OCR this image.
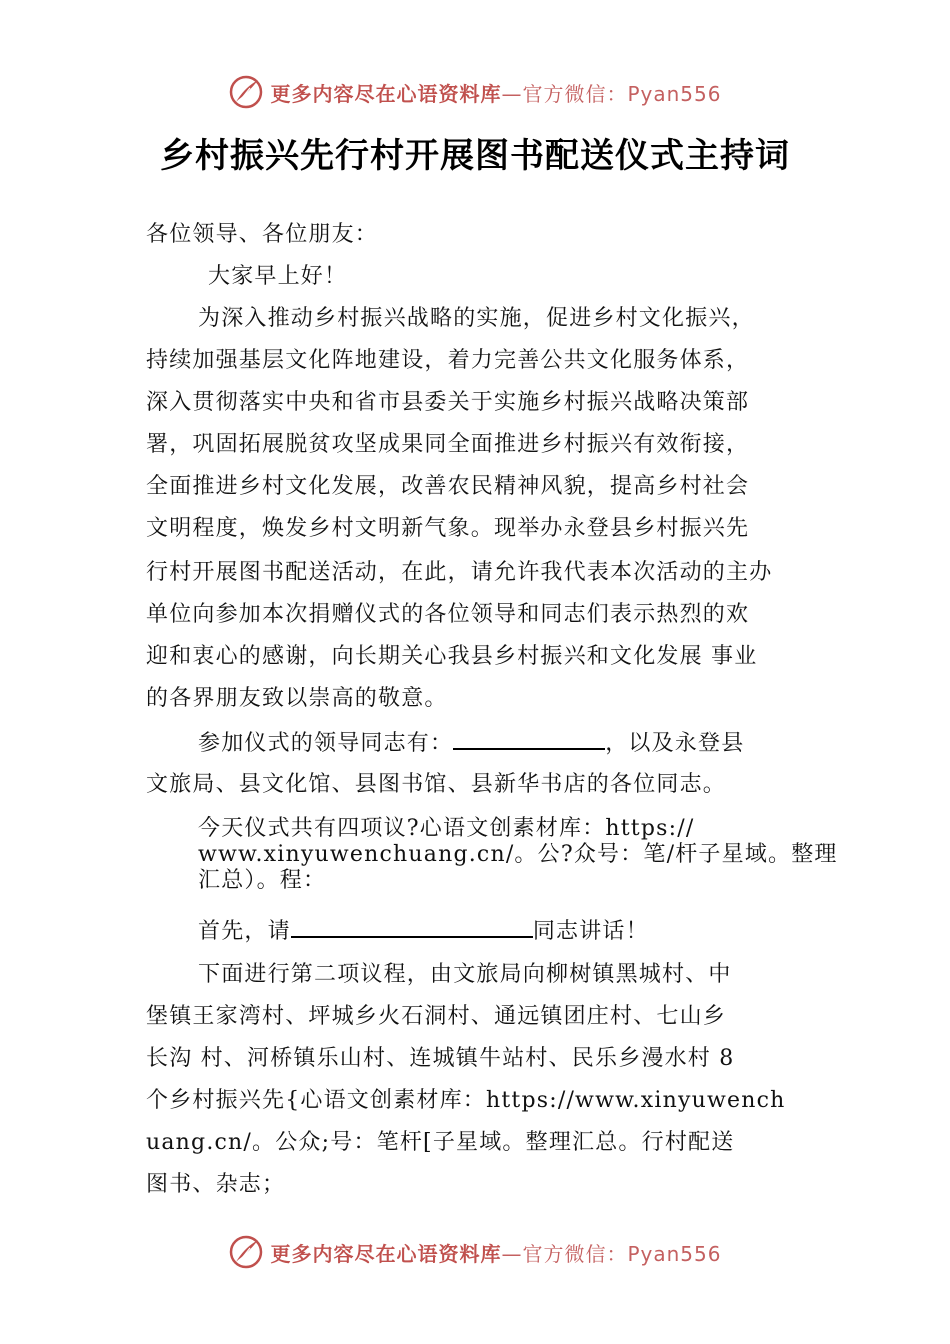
更多内容尽在心语资料库—官方微信：Pyan556
乡村振兴先行村开展图书配送仪式主持词
各位领导、各位朋友：
大家早上好！
为深入推动乡村振兴战略的实施，促进乡村文化振兴，
持续加强基层文化阵地建设，着力完善公共文化服务体系，
深入贯彻落实中央和省市县委关于实施乡村振兴战略决策部
署，巩固拓展脱贫攻坚成果同全面推进乡村振兴有效衔接，
全面推进乡村文化发展，改善农民精神风貌，提高乡村社会
文明程度，焕发乡村文明新气象。现举办永登县乡村振兴先
行村开展图书配送活动，在此，请允许我代表本次活动的主办
单位向参加本次捐赠仪式的各位领导和同志们表示热烈的欢
迎和衷心的感谢，向长期关心我县乡村振兴和文化发展 事业
的各界朋友致以崇高的敬意。
参加仪式的领导同志有：	，以及永登县
文旅局、县文化馆、县图书馆、县新华书店的各位同志。
今天仪式共有四项议?心语文创素材库：https://
www.xinyuwenchuang.cn/。公?众号：笔/杆子星域。整理
汇总）。程：
首先，请	同志讲话！
下面进行第二项议程，由文旅局向柳树镇黑城村、中
堡镇王家湾村、坪城乡火石洞村、通远镇团庄村、七山乡
长沟 村、河桥镇乐山村、连城镇牛站村、民乐乡漫水村 8
个乡村振兴先{心语文创素材库：https://www.xinyuwench
uang.cn/。公众;号：笔杆[子星域。整理汇总。行村配送
图书、杂志；
更多内容尽在心语资料库—官方微信：Pyan556
